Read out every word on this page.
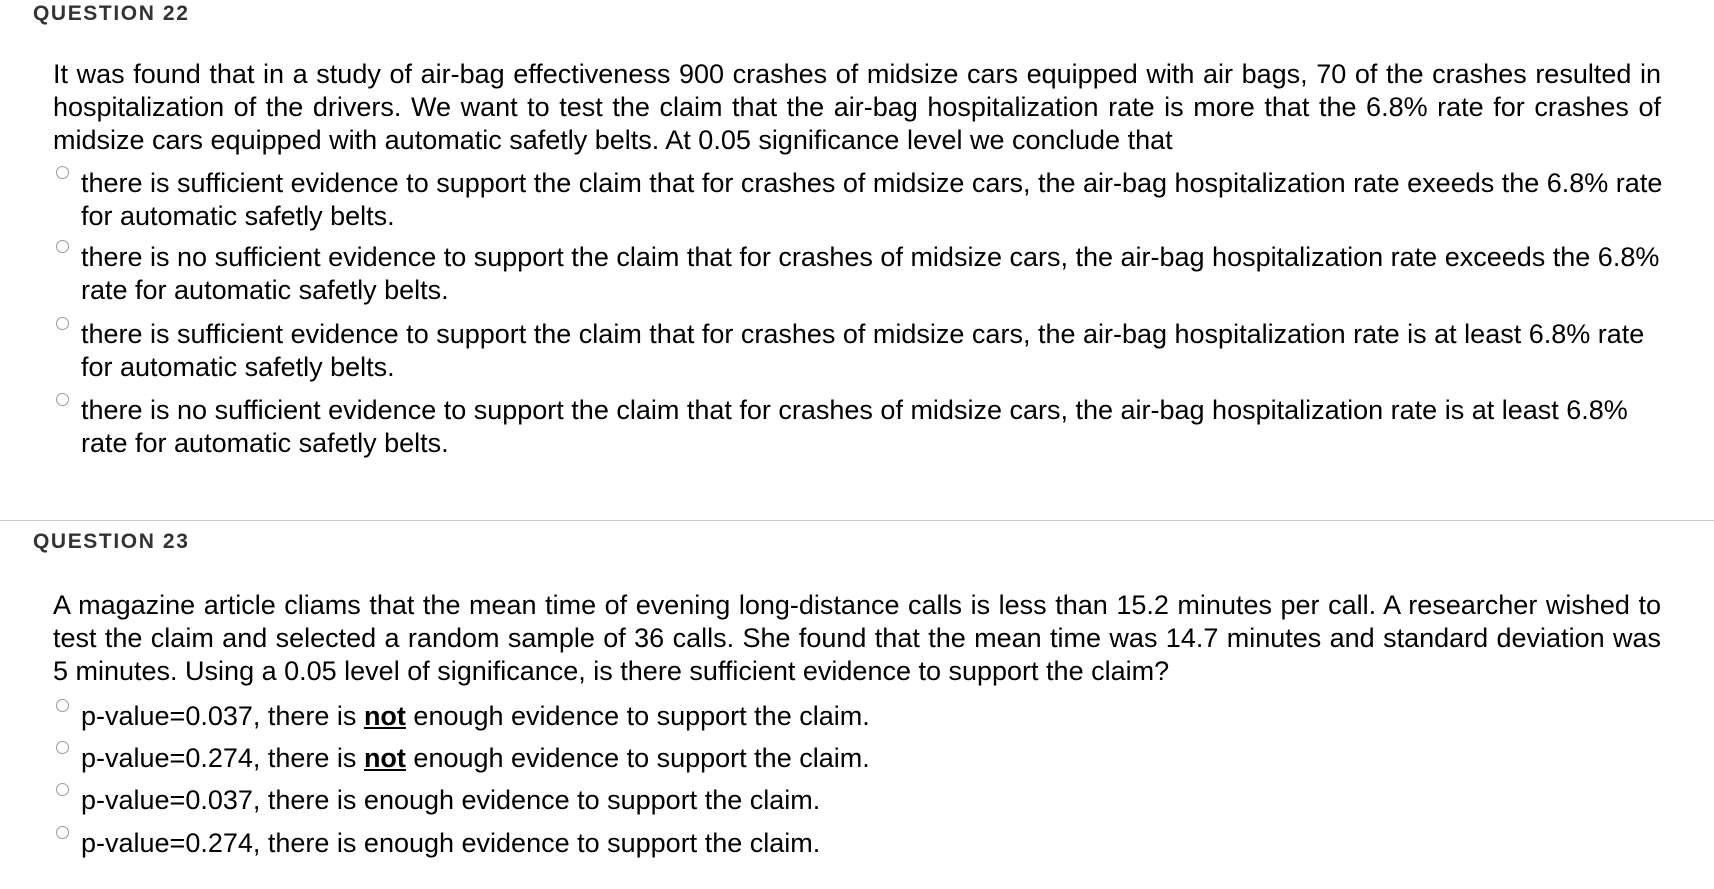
QUESTION 22
It was found that in a study of air-bag effectiveness 900 crashes of midsize cars equipped with air bags, 70 of the crashes resulted in hospitalization of the drivers. We want to test the claim that the air-bag hospitalization rate is more that the 6.8% rate for crashes of midsize cars equipped with automatic safetly belts. At 0.05 significance level we conclude that
there is sufficient evidence to support the claim that for crashes of midsize cars, the air-bag hospitalization rate exeeds the 6.8% rate for automatic safetly belts.
there is no sufficient evidence to support the claim that for crashes of midsize cars, the air-bag hospitalization rate exceeds the 6.8% rate for automatic safetly belts.
there is sufficient evidence to support the claim that for crashes of midsize cars, the air-bag hospitalization rate is at least 6.8% rate for automatic safetly belts.
there is no sufficient evidence to support the claim that for crashes of midsize cars, the air-bag hospitalization rate is at least 6.8% rate for automatic safetly belts.
QUESTION 23
A magazine article cliams that the mean time of evening long-distance calls is less than 15.2 minutes per call. A researcher wished to test the claim and selected a random sample of 36 calls. She found that the mean time was 14.7 minutes and standard deviation was 5 minutes. Using a 0.05 level of significance, is there sufficient evidence to support the claim?
p-value=0.037, there is not enough evidence to support the claim.
p-value=0.274, there is not enough evidence to support the claim.
p-value=0.037, there is enough evidence to support the claim.
p-value=0.274, there is enough evidence to support the claim.
